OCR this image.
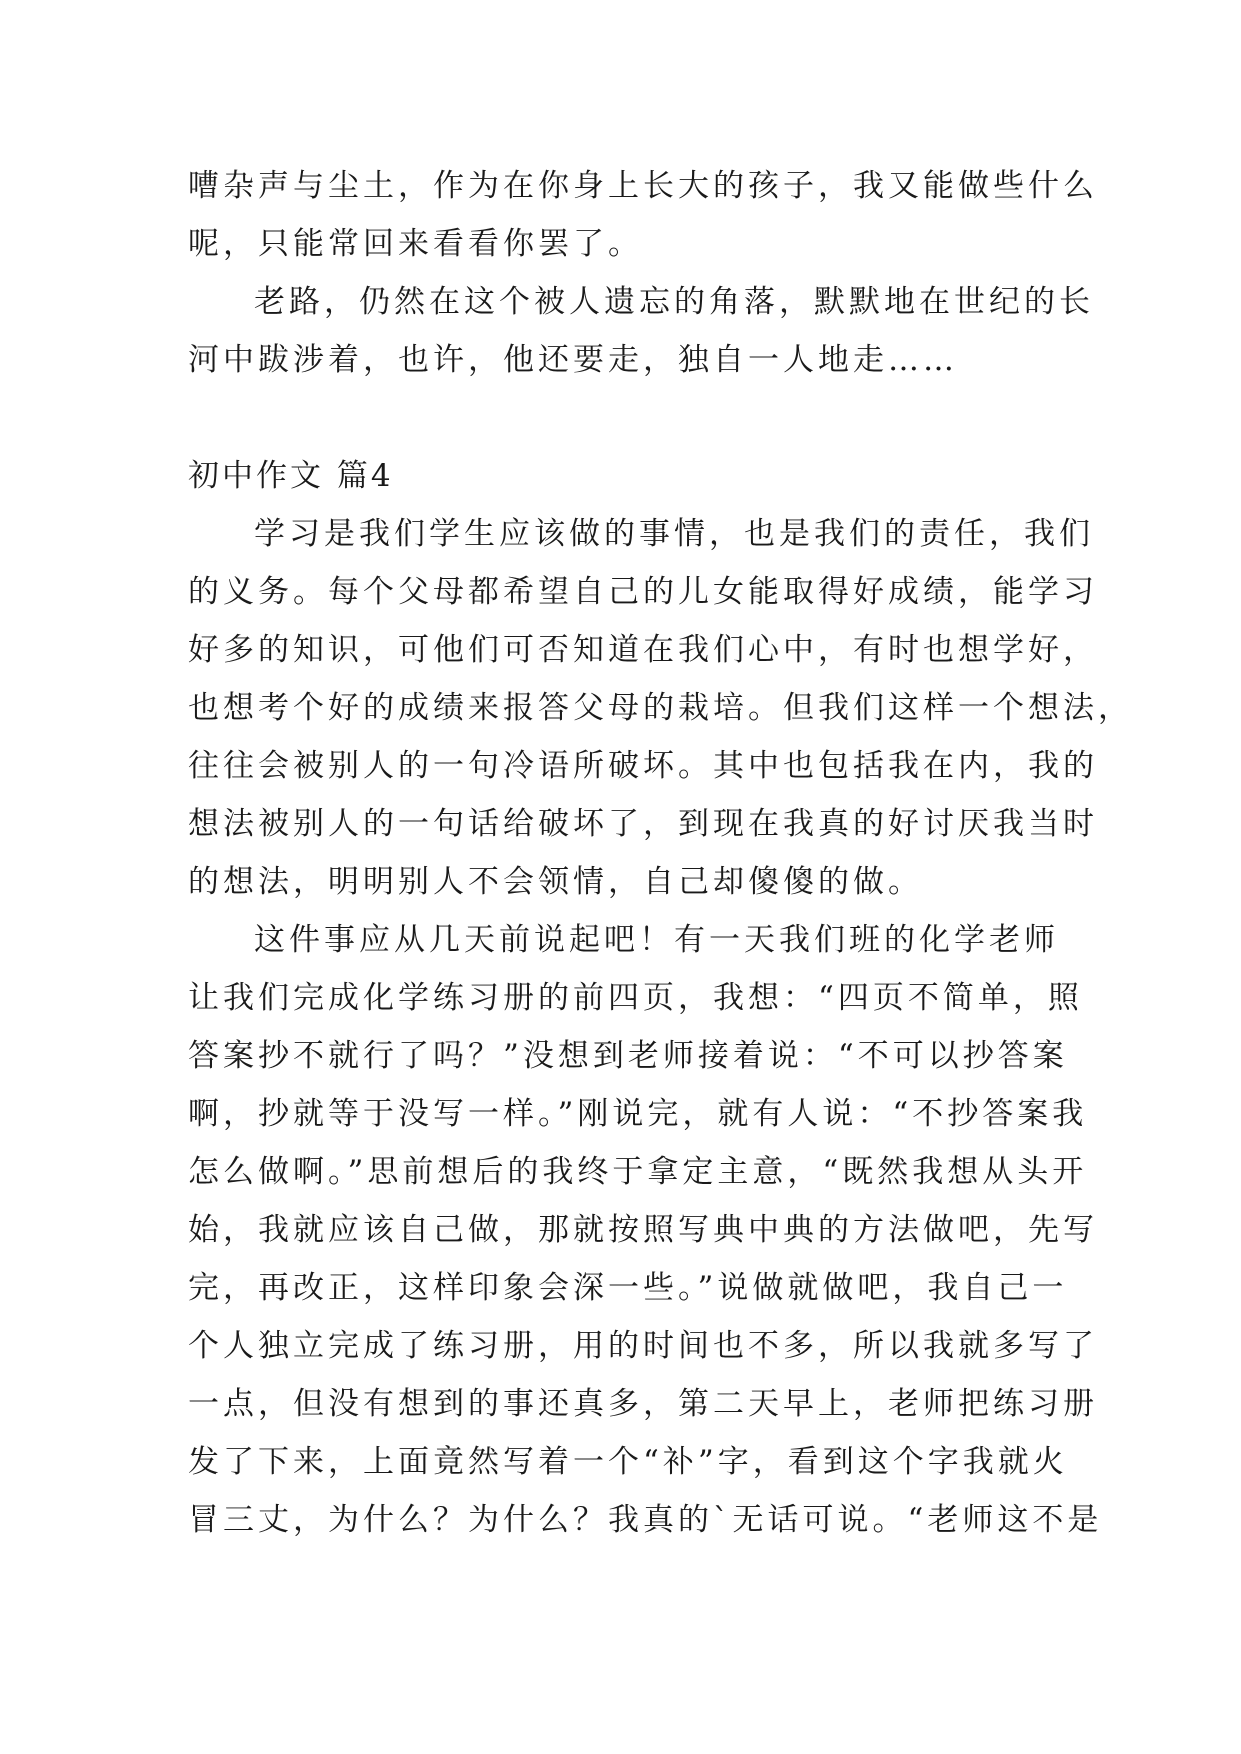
嘈杂声与尘土，作为在你身上长大的孩子，我又能做些什么
呢，只能常回来看看你罢了。
老路，仍然在这个被人遗忘的角落，默默地在世纪的长
河中跋涉着，也许，他还要走，独自一人地走……
初中作文 篇4
学习是我们学生应该做的事情，也是我们的责任，我们
的义务。每个父母都希望自己的儿女能取得好成绩，能学习
好多的知识，可他们可否知道在我们心中，有时也想学好，
也想考个好的成绩来报答父母的栽培。但我们这样一个想法，
往往会被别人的一句冷语所破坏。其中也包括我在内，我的
想法被别人的一句话给破坏了，到现在我真的好讨厌我当时
的想法，明明别人不会领情，自己却傻傻的做。
这件事应从几天前说起吧！有一天我们班的化学老师
让我们完成化学练习册的前四页，我想：“四页不简单，照
答案抄不就行了吗？”没想到老师接着说：“不可以抄答案
啊，抄就等于没写一样。”刚说完，就有人说：“不抄答案我
怎么做啊。”思前想后的我终于拿定主意，“既然我想从头开
始，我就应该自己做，那就按照写典中典的方法做吧，先写
完，再改正，这样印象会深一些。”说做就做吧，我自己一
个人独立完成了练习册，用的时间也不多，所以我就多写了
一点，但没有想到的事还真多，第二天早上，老师把练习册
发了下来，上面竟然写着一个“补”字，看到这个字我就火
冒三丈，为什么？为什么？我真的`无话可说。“老师这不是
